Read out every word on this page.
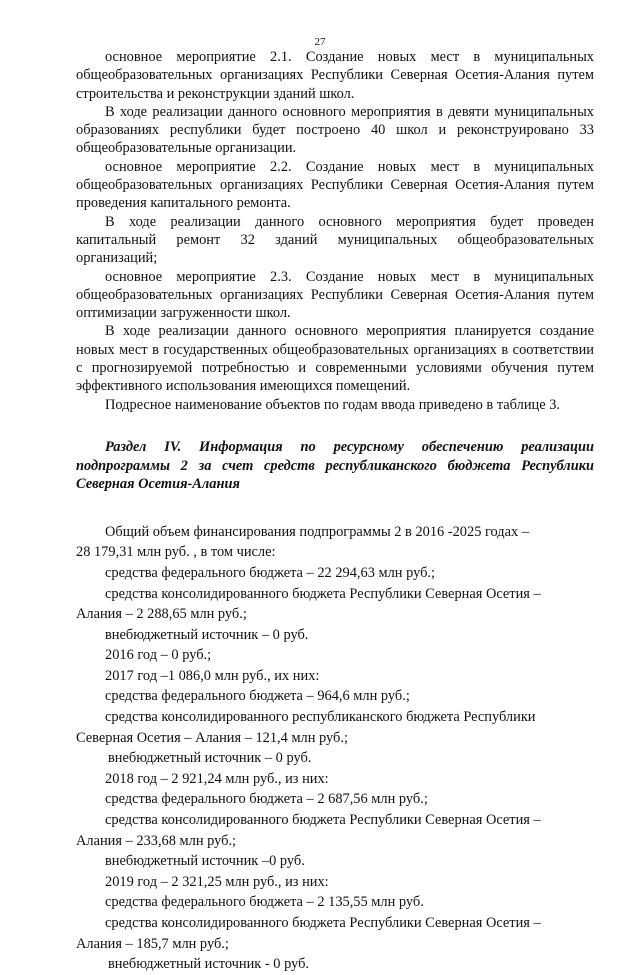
27

основное мероприятие 2.1. Создание новых мест в муниципальных общеобразовательных организациях Республики Северная Осетия-Алания путем строительства и реконструкции зданий школ.

В ходе реализации данного основного мероприятия в девяти муниципальных образованиях республики будет построено 40 школ и реконструировано 33 общеобразовательные организации.

основное мероприятие 2.2. Создание новых мест в муниципальных общеобразовательных организациях Республики Северная Осетия-Алания путем проведения капитального ремонта.

В ходе реализации данного основного мероприятия будет проведен капитальный ремонт 32 зданий муниципальных общеобразовательных организаций;

основное мероприятие 2.3. Создание новых мест в муниципальных общеобразовательных организациях Республики Северная Осетия-Алания путем оптимизации загруженности школ.

В ходе реализации данного основного мероприятия планируется создание новых мест в государственных общеобразовательных организациях в соответствии с прогнозируемой потребностью и современными условиями обучения путем эффективного использования имеющихся помещений.

Подресное наименование объектов по годам ввода приведено в таблице 3.

Раздел IV. Информация по ресурсному обеспечению реализации подпрограммы 2 за счет средств республиканского бюджета Республики Северная Осетия-Алания

Общий объем финансирования подпрограммы 2 в 2016 -2025 годах –
28 179,31 млн руб. , в том числе:
средства федерального бюджета – 22 294,63 млн руб.;
средства консолидированного бюджета Республики Северная Осетия –
Алания – 2 288,65 млн руб.;
внебюджетный источник – 0 руб.
2016 год – 0 руб.;
2017 год –1 086,0 млн руб., их них:
средства федерального бюджета – 964,6 млн руб.;
средства консолидированного республиканского бюджета Республики
Северная Осетия – Алания – 121,4 млн руб.;
внебюджетный источник – 0 руб.
2018 год – 2 921,24 млн руб., из них:
средства федерального бюджета – 2 687,56 млн руб.;
средства консолидированного бюджета Республики Северная Осетия –
Алания – 233,68 млн руб.;
внебюджетный источник –0 руб.
2019 год – 2 321,25 млн руб., из них:
средства федерального бюджета – 2 135,55 млн руб.
средства консолидированного бюджета Республики Северная Осетия –
Алания – 185,7 млн руб.;
внебюджетный источник - 0 руб.
